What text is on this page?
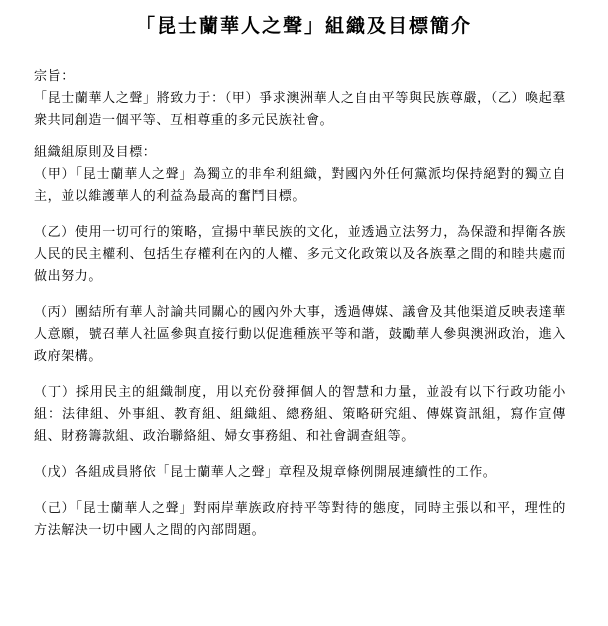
「昆士蘭華人之聲」組織及目標簡介

宗旨：

「昆士蘭華人之聲」將致力于：（甲）爭求澳洲華人之自由平等與民族尊嚴，（乙）喚起羣衆共同創造一個平等、互相尊重的多元民族社會。

組織組原則及目標：

（甲）「昆士蘭華人之聲」為獨立的非牟利組織，對國內外任何黨派均保持絕對的獨立自主，並以維護華人的利益為最高的奮鬥目標。

（乙）使用一切可行的策略，宣揚中華民族的文化，並透過立法努力，為保證和捍衛各族人民的民主權利、包括生存權利在內的人權、多元文化政策以及各族羣之間的和睦共處而做出努力。

（丙）團結所有華人討論共同關心的國內外大事，透過傳媒、議會及其他渠道反映表達華人意願，號召華人社區參與直接行動以促進種族平等和諧，鼓勵華人參與澳洲政治，進入政府架構。

（丁）採用民主的組織制度，用以充份發揮個人的智慧和力量，並設有以下行政功能小組：法律組、外事組、教育組、組織組、總務組、策略研究組、傳媒資訊組，寫作宣傳組、財務籌款組、政治聯絡組、婦女事務組、和社會調查組等。

（戊）各組成員將依「昆士蘭華人之聲」章程及規章條例開展連續性的工作。

（己）「昆士蘭華人之聲」對兩岸華族政府持平等對待的態度，同時主張以和平，理性的方法解決一切中國人之間的內部問題。
